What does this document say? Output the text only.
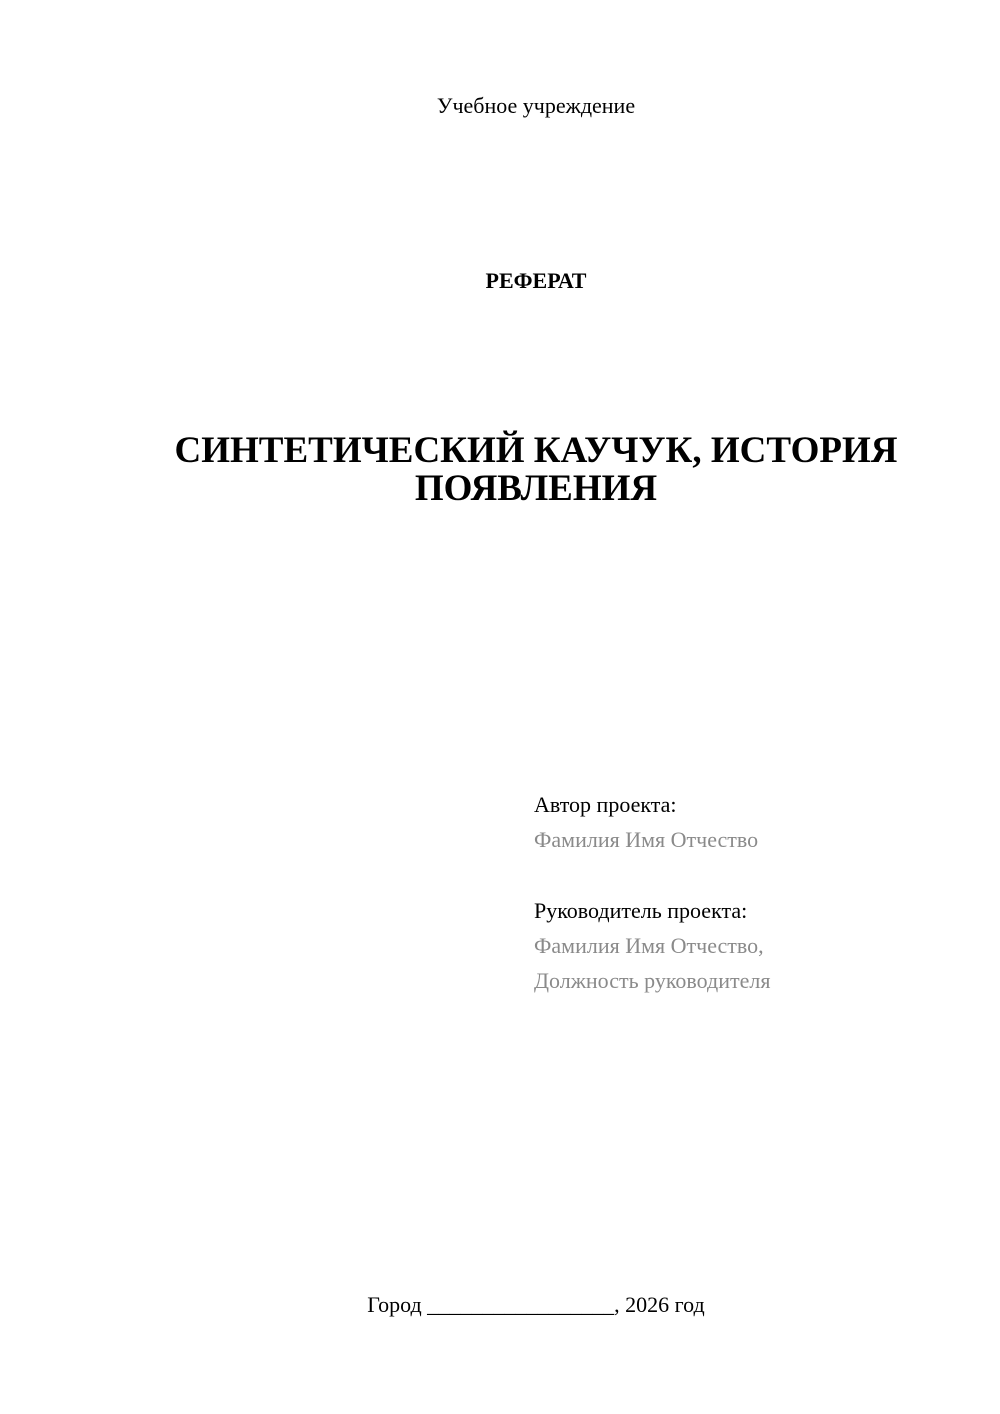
Учебное учреждение
РЕФЕРАТ
СИНТЕТИЧЕСКИЙ КАУЧУК, ИСТОРИЯ ПОЯВЛЕНИЯ
Автор проекта:
Фамилия Имя Отчество
Руководитель проекта:
Фамилия Имя Отчество,
Должность руководителя
Город _________________, 2026 год
